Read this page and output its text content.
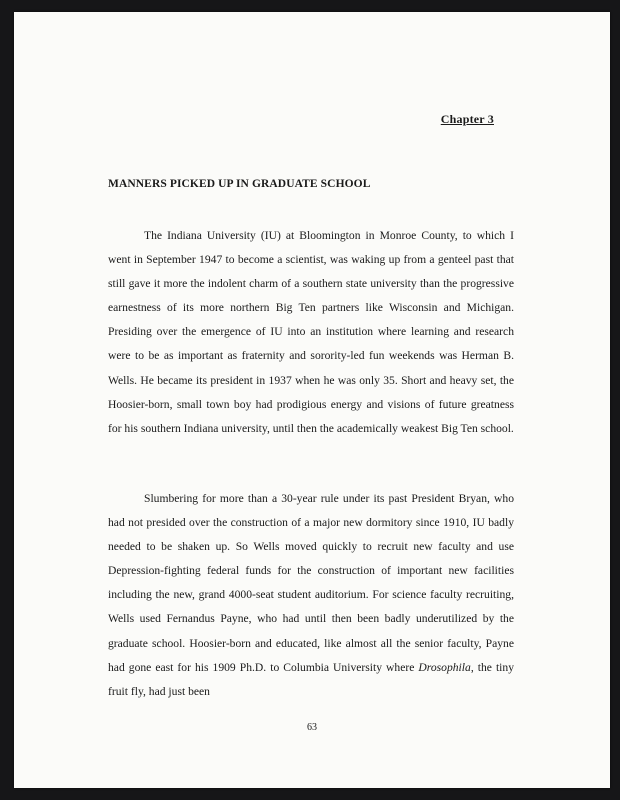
Chapter 3
MANNERS PICKED UP IN GRADUATE SCHOOL

The Indiana University (IU) at Bloomington in Monroe County, to which I went in September 1947 to become a scientist, was waking up from a genteel past that still gave it more the indolent charm of a southern state university than the progressive earnestness of its more northern Big Ten partners like Wisconsin and Michigan. Presiding over the emergence of IU into an institution where learning and research were to be as important as fraternity and sorority-led fun weekends was Herman B. Wells. He became its president in 1937 when he was only 35. Short and heavy set, the Hoosier-born, small town boy had prodigious energy and visions of future greatness for his southern Indiana university, until then the academically weakest Big Ten school.

Slumbering for more than a 30-year rule under its past President Bryan, who had not presided over the construction of a major new dormitory since 1910, IU badly needed to be shaken up. So Wells moved quickly to recruit new faculty and use Depression-fighting federal funds for the construction of important new facilities including the new, grand 4000-seat student auditorium. For science faculty recruiting, Wells used Fernandus Payne, who had until then been badly underutilized by the graduate school. Hoosier-born and educated, like almost all the senior faculty, Payne had gone east for his 1909 Ph.D. to Columbia University where Drosophila, the tiny fruit fly, had just been

63
